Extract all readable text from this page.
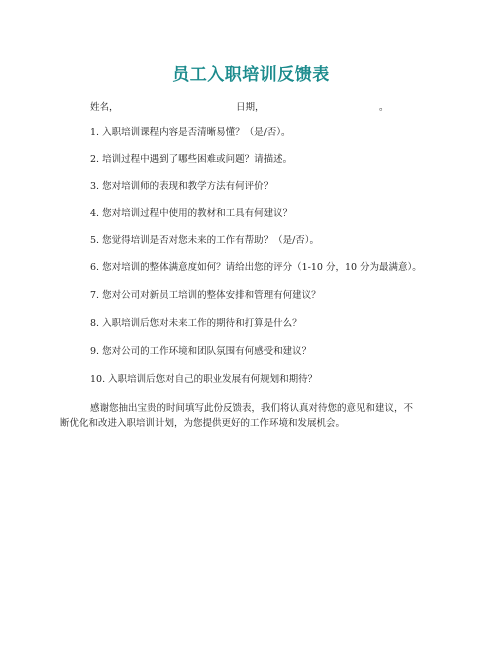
员工入职培训反馈表
姓名，	日期，	。
1. 入职培训课程内容是否清晰易懂？（是/否）。
2. 培训过程中遇到了哪些困难或问题？请描述。
3. 您对培训师的表现和教学方法有何评价？
4. 您对培训过程中使用的教材和工具有何建议？
5. 您觉得培训是否对您未来的工作有帮助？（是/否）。
6. 您对培训的整体满意度如何？请给出您的评分（1-10 分，10 分为最满意）。
7. 您对公司对新员工培训的整体安排和管理有何建议？
8. 入职培训后您对未来工作的期待和打算是什么？
9. 您对公司的工作环境和团队氛围有何感受和建议？
10. 入职培训后您对自己的职业发展有何规划和期待？
感谢您抽出宝贵的时间填写此份反馈表，我们将认真对待您的意见和建议，不
断优化和改进入职培训计划，为您提供更好的工作环境和发展机会。
